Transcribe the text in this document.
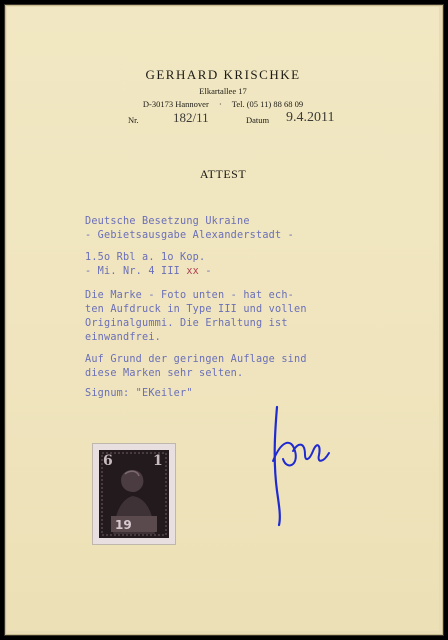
GERHARD KRISCHKE
Elkartallee 17
D-30173 Hannover · Tel. (05 11) 88 68 09
Nr.	182/11	Datum 9.4.2011
ATTEST
Deutsche Besetzung Ukraine
- Gebietsausgabe Alexanderstadt -
1.5o Rbl a. 1o Kop.
- Mi. Nr. 4 III xx -
Die Marke - Foto unten - hat ech-
ten Aufdruck in Type III und vollen
Originalgummi. Die Erhaltung ist
einwandfrei.
Auf Grund der geringen Auflage sind
diese Marken sehr selten.
Signum: "EKeiler"
19
6	1
